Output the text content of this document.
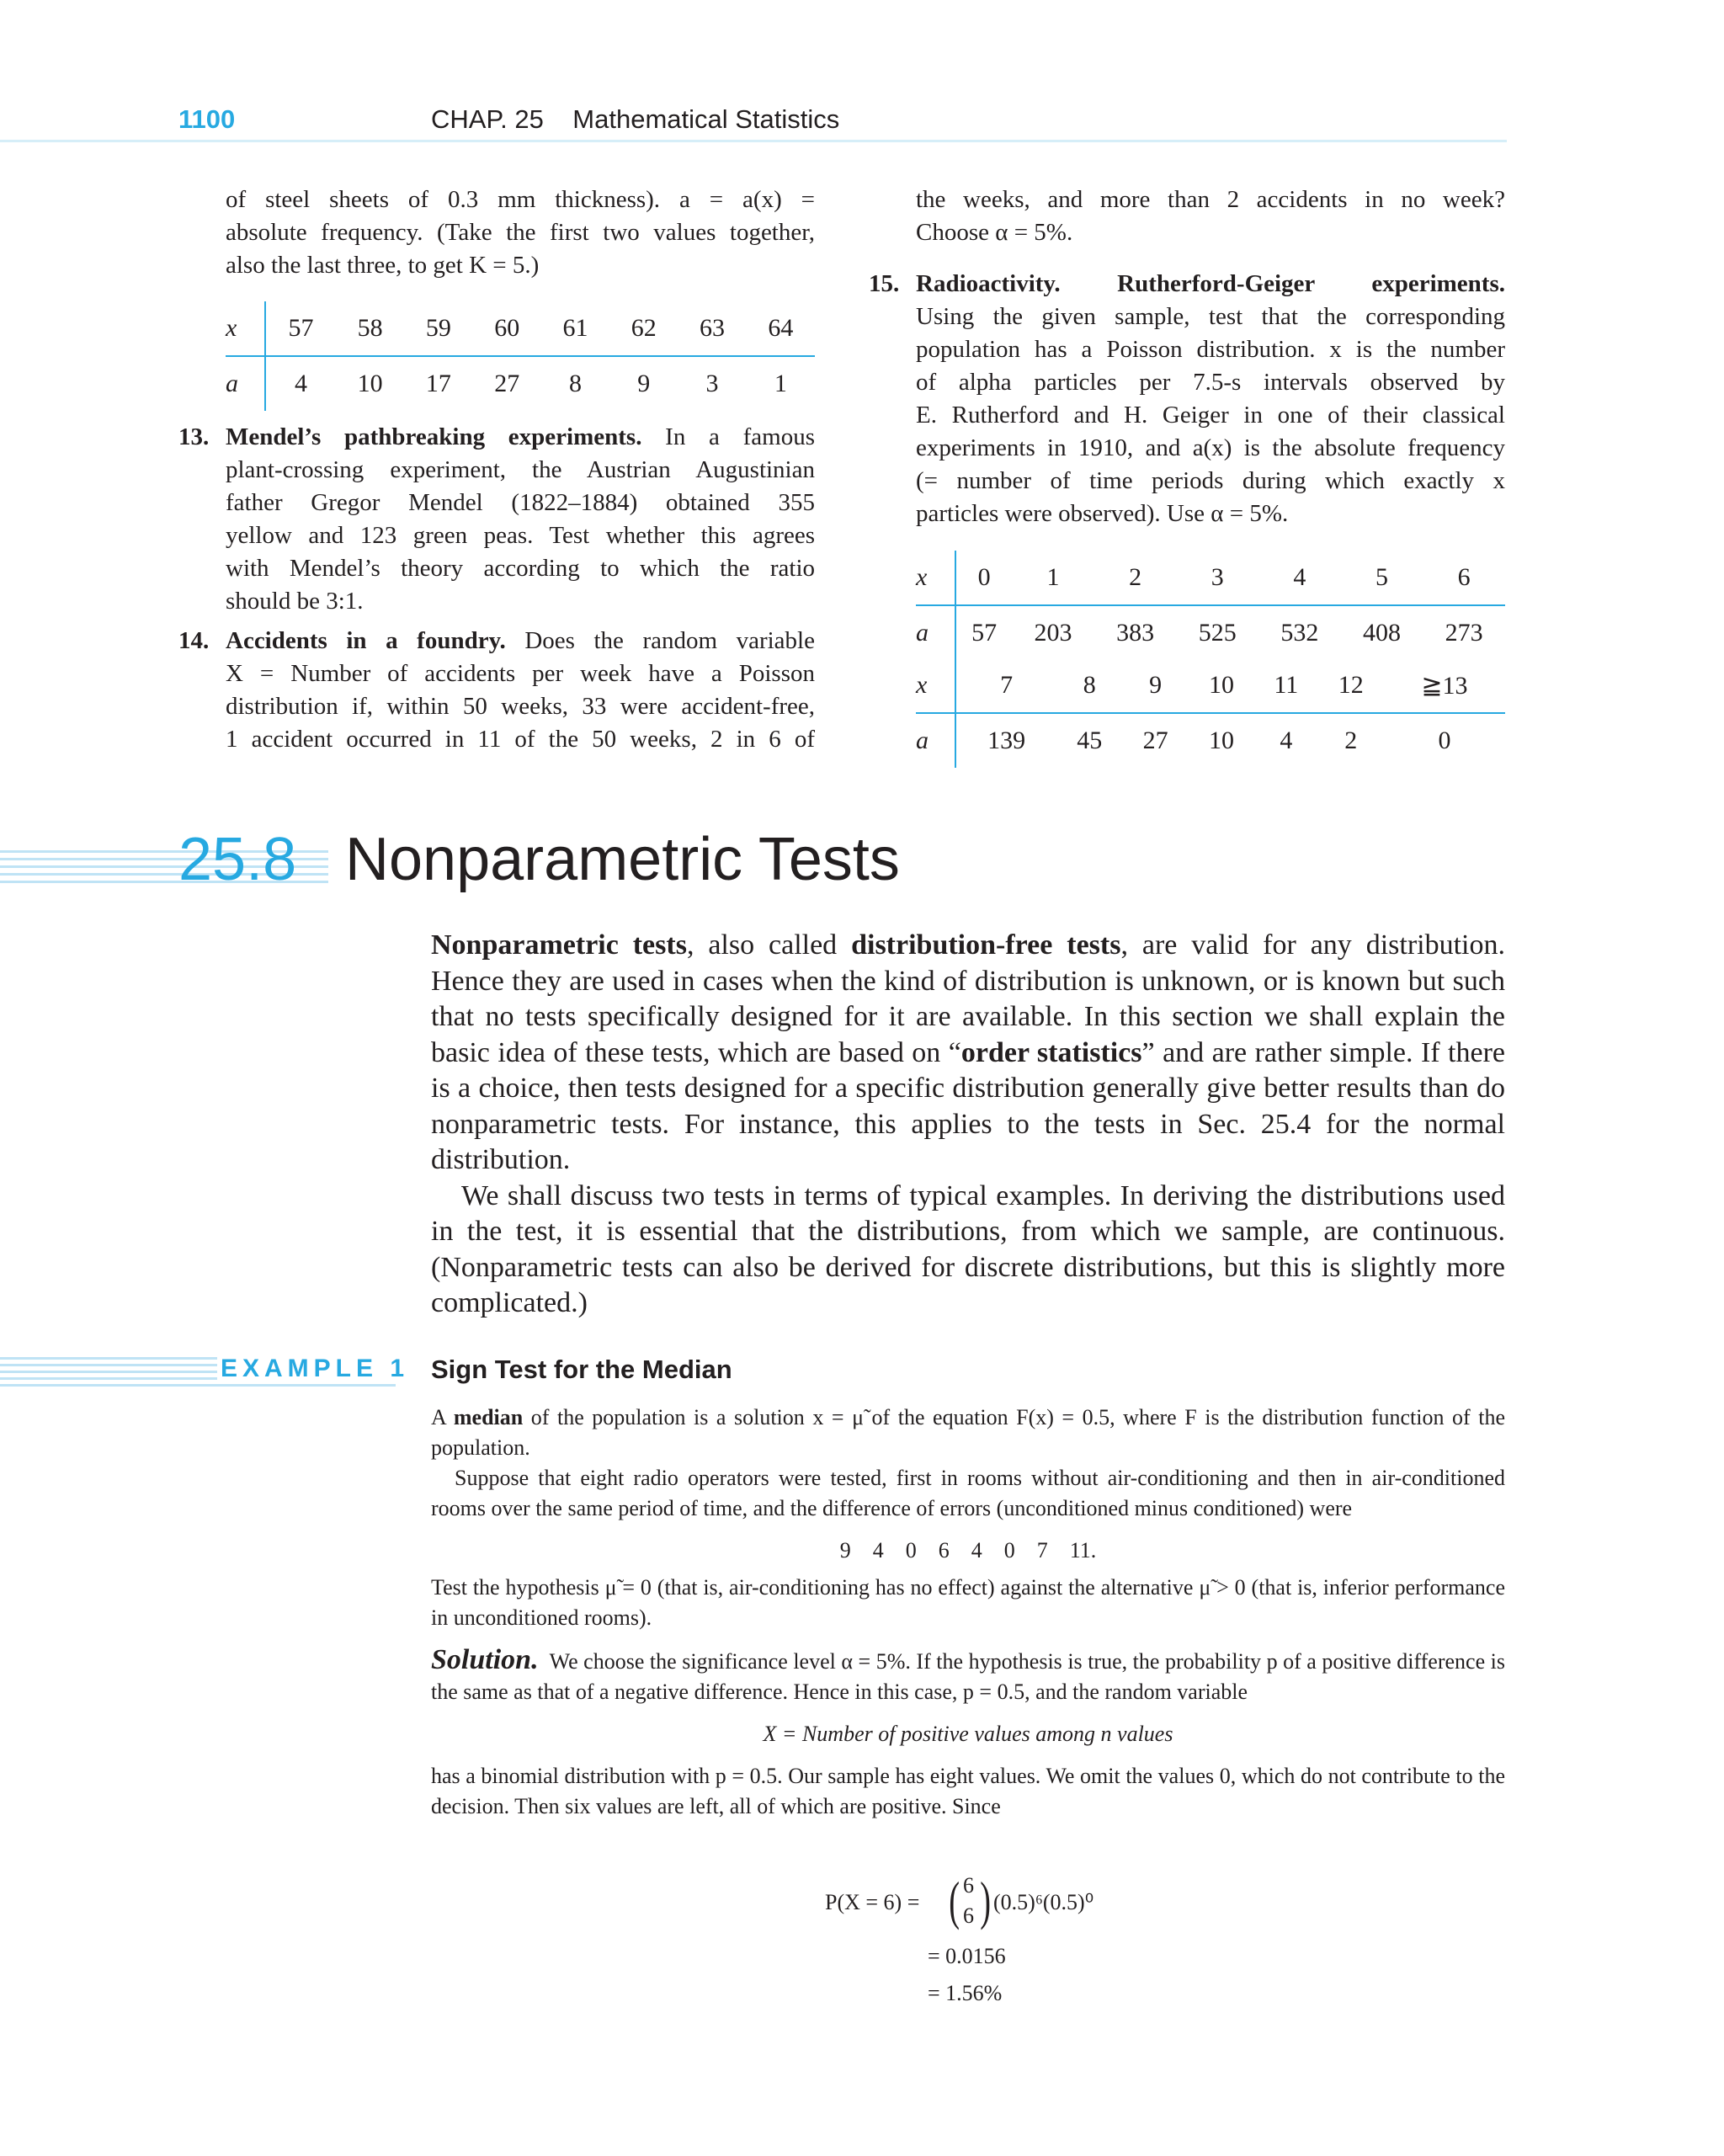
1100	CHAP. 25    Mathematical Statistics

of steel sheets of 0.3 mm thickness). a = a(x) =

absolute frequency. (Take the first two values together,

also the last three, to get K = 5.)

x	57	58	59	60	61	62	63	64
a	4	10	17	27	8	9	3	1
13. Mendel’s pathbreaking experiments. In a famous

plant-crossing experiment, the Austrian Augustinian

father Gregor Mendel (1822–1884) obtained 355

yellow and 123 green peas. Test whether this agrees

with Mendel’s theory according to which the ratio

should be 3:1.

14. Accidents in a foundry. Does the random variable

X = Number of accidents per week have a Poisson

distribution if, within 50 weeks, 33 were accident-free,

1 accident occurred in 11 of the 50 weeks, 2 in 6 of

the weeks, and more than 2 accidents in no week?

Choose α = 5%.

15. Radioactivity. Rutherford-Geiger experiments.

Using the given sample, test that the corresponding

population has a Poisson distribution. x is the number

of alpha particles per 7.5-s intervals observed by

E. Rutherford and H. Geiger in one of their classical

experiments in 1910, and a(x) is the absolute frequency

(= number of time periods during which exactly x

particles were observed). Use α = 5%.

x	0	1	2	3	4	5	6
a	57	203	383	525	532	408	273
x	7	8	9	10	11	12	≧13
a	139	45	27	10	4	2	0
25.8 Nonparametric Tests

Nonparametric tests, also called distribution-free tests, are valid for any distribution. Hence they are used in cases when the kind of distribution is unknown, or is known but such that no tests specifically designed for it are available. In this section we shall explain the basic idea of these tests, which are based on “order statistics” and are rather simple. If there is a choice, then tests designed for a specific distribution generally give better results than do nonparametric tests. For instance, this applies to the tests in Sec. 25.4 for the normal distribution.

We shall discuss two tests in terms of typical examples. In deriving the distributions used in the test, it is essential that the distributions, from which we sample, are continuous. (Nonparametric tests can also be derived for discrete distributions, but this is slightly more complicated.)

EXAMPLE 1 Sign Test for the Median

A median of the population is a solution x = μ̃ of the equation F(x) = 0.5, where F is the distribution function of the population.

Suppose that eight radio operators were tested, first in rooms without air-conditioning and then in air-conditioned rooms over the same period of time, and the difference of errors (unconditioned minus conditioned) were

9    4    0    6    4    0    7    11.

Test the hypothesis μ̃ = 0 (that is, air-conditioning has no effect) against the alternative μ̃ > 0 (that is, inferior performance in unconditioned rooms).

Solution. We choose the significance level α = 5%. If the hypothesis is true, the probability p of a positive difference is the same as that of a negative difference. Hence in this case, p = 0.5, and the random variable

X = Number of positive values among n values

has a binomial distribution with p = 0.5. Our sample has eight values. We omit the values 0, which do not contribute to the decision. Then six values are left, all of which are positive. Since

P(X = 6) = ( 6
6 ) (0.5)⁶(0.5)⁰
= 0.0156
= 1.56%
